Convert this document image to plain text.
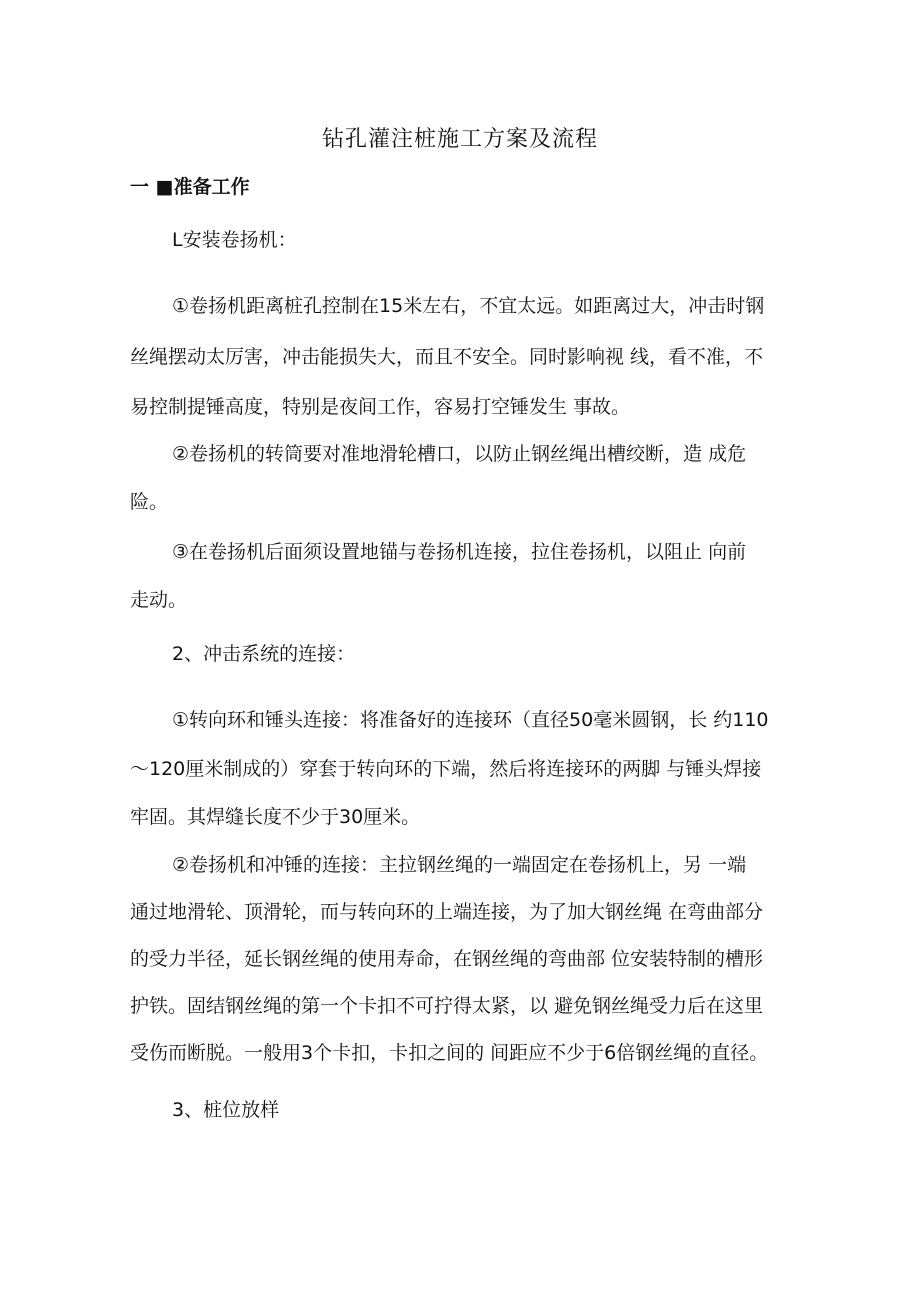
钻孔灌注桩施工方案及流程
一 ■准备工作
L安装卷扬机：
①卷扬机距离桩孔控制在15米左右，不宜太远。如距离过大，冲击时钢
丝绳摆动太厉害，冲击能损失大，而且不安全。同时影响视 线，看不准，不
易控制提锤高度，特别是夜间工作，容易打空锤发生 事故。
②卷扬机的转筒要对准地滑轮槽口，以防止钢丝绳出槽绞断，造 成危
险。
③在卷扬机后面须设置地锚与卷扬机连接，拉住卷扬机，以阻止 向前
走动。
2、冲击系统的连接：
①转向环和锤头连接：将准备好的连接环（直径50毫米圆钢，长 约110
～120厘米制成的）穿套于转向环的下端，然后将连接环的两脚 与锤头焊接
牢固。其焊缝长度不少于30厘米。
②卷扬机和冲锤的连接：主拉钢丝绳的一端固定在卷扬机上，另 一端
通过地滑轮、顶滑轮，而与转向环的上端连接，为了加大钢丝绳 在弯曲部分
的受力半径，延长钢丝绳的使用寿命，在钢丝绳的弯曲部 位安装特制的槽形
护铁。固结钢丝绳的第一个卡扣不可拧得太紧，以 避免钢丝绳受力后在这里
受伤而断脱。一般用3个卡扣，卡扣之间的 间距应不少于6倍钢丝绳的直径。
3、桩位放样
